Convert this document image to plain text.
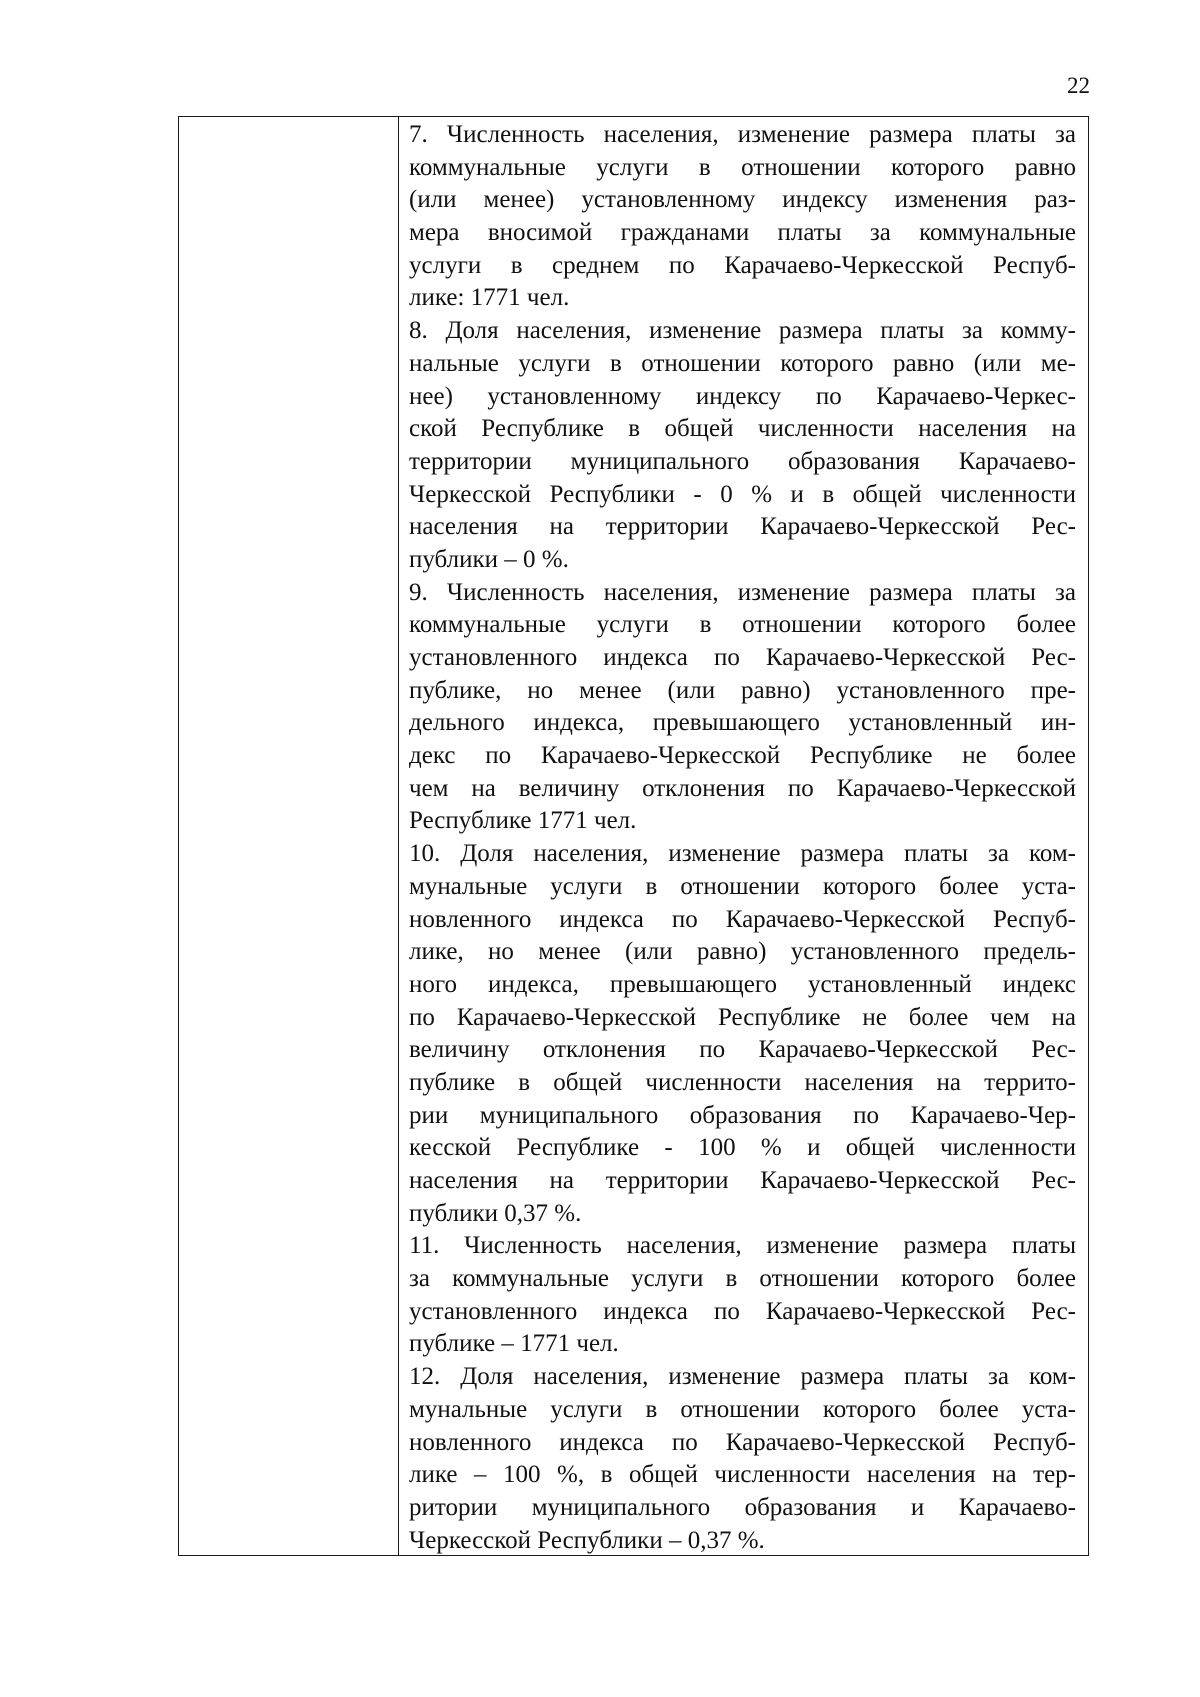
22
7. Численность населения, изменение размера платы за
коммунальные услуги в отношении которого равно
(или менее) установленному индексу изменения раз-
мера вносимой гражданами платы за коммунальные
услуги в среднем по Карачаево-Черкесской Респуб-
лике: 1771 чел.
8. Доля населения, изменение размера платы за комму-
нальные услуги в отношении которого равно (или ме-
нее) установленному индексу по Карачаево-Черкес-
ской Республике в общей численности населения на
территории муниципального образования Карачаево-
Черкесской Республики - 0 % и в общей численности
населения на территории Карачаево-Черкесской Рес-
публики – 0 %.
9. Численность населения, изменение размера платы за
коммунальные услуги в отношении которого более
установленного индекса по Карачаево-Черкесской Рес-
публике, но менее (или равно) установленного пре-
дельного индекса, превышающего установленный ин-
декс по Карачаево-Черкесской Республике не более
чем на величину отклонения по Карачаево-Черкесской
Республике 1771 чел.
10. Доля населения, изменение размера платы за ком-
мунальные услуги в отношении которого более уста-
новленного индекса по Карачаево-Черкесской Респуб-
лике, но менее (или равно) установленного предель-
ного индекса, превышающего установленный индекс
по Карачаево-Черкесской Республике не более чем на
величину отклонения по Карачаево-Черкесской Рес-
публике в общей численности населения на террито-
рии муниципального образования по Карачаево-Чер-
кесской Республике - 100 % и общей численности
населения на территории Карачаево-Черкесской Рес-
публики 0,37 %.
11. Численность населения, изменение размера платы
за коммунальные услуги в отношении которого более
установленного индекса по Карачаево-Черкесской Рес-
публике – 1771 чел.
12. Доля населения, изменение размера платы за ком-
мунальные услуги в отношении которого более уста-
новленного индекса по Карачаево-Черкесской Респуб-
лике – 100 %, в общей численности населения на тер-
ритории муниципального образования и Карачаево-
Черкесской Республики – 0,37 %.
